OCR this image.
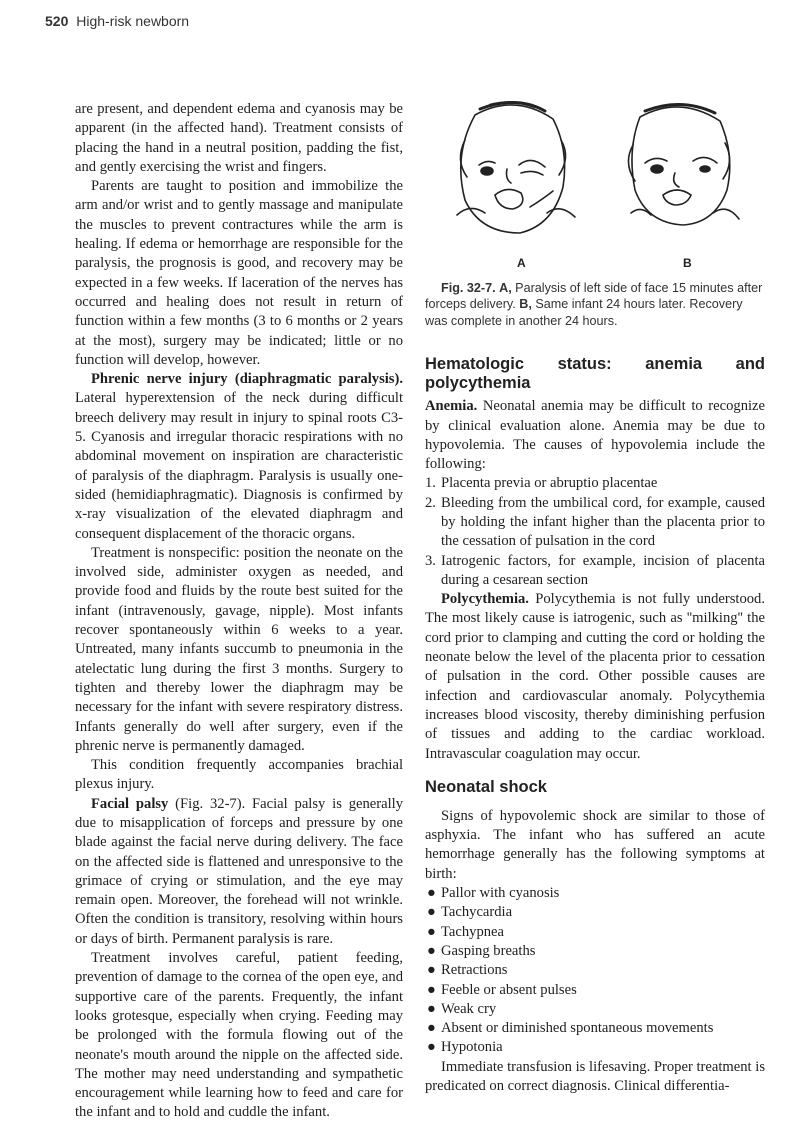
520 High-risk newborn

are present, and dependent edema and cyanosis may be apparent (in the affected hand). Treatment consists of placing the hand in a neutral position, padding the fist, and gently exercising the wrist and fingers.

Parents are taught to position and immobilize the arm and/or wrist and to gently massage and manipulate the muscles to prevent contractures while the arm is healing. If edema or hemorrhage are responsible for the paralysis, the prognosis is good, and recovery may be expected in a few weeks. If laceration of the nerves has occurred and healing does not result in return of function within a few months (3 to 6 months or 2 years at the most), surgery may be indicated; little or no function will develop, however.

Phrenic nerve injury (diaphragmatic paralysis). Lateral hyperextension of the neck during difficult breech delivery may result in injury to spinal roots C3-5. Cyanosis and irregular thoracic respirations with no abdominal movement on inspiration are characteristic of paralysis of the diaphragm. Paralysis is usually one-sided (hemidiaphragmatic). Diagnosis is confirmed by x-ray visualization of the elevated diaphragm and consequent displacement of the thoracic organs.

Treatment is nonspecific: position the neonate on the involved side, administer oxygen as needed, and provide food and fluids by the route best suited for the infant (intravenously, gavage, nipple). Most infants recover spontaneously within 6 weeks to a year. Untreated, many infants succumb to pneumonia in the atelectatic lung during the first 3 months. Surgery to tighten and thereby lower the diaphragm may be necessary for the infant with severe respiratory distress. Infants generally do well after surgery, even if the phrenic nerve is permanently damaged.

This condition frequently accompanies brachial plexus injury.

Facial palsy (Fig. 32-7). Facial palsy is generally due to misapplication of forceps and pressure by one blade against the facial nerve during delivery. The face on the affected side is flattened and unresponsive to the grimace of crying or stimulation, and the eye may remain open. Moreover, the forehead will not wrinkle. Often the condition is transitory, resolving within hours or days of birth. Permanent paralysis is rare.

Treatment involves careful, patient feeding, prevention of damage to the cornea of the open eye, and supportive care of the parents. Frequently, the infant looks grotesque, especially when crying. Feeding may be prolonged with the formula flowing out of the neonate's mouth around the nipple on the affected side. The mother may need understanding and sympathetic encouragement while learning how to feed and care for the infant and to hold and cuddle the infant.

A	B

Fig. 32-7. A, Paralysis of left side of face 15 minutes after forceps delivery. B, Same infant 24 hours later. Recovery was complete in another 24 hours.

Hematologic status: anemia and polycythemia

Anemia. Neonatal anemia may be difficult to recognize by clinical evaluation alone. Anemia may be due to hypovolemia. The causes of hypovolemia include the following:

1. Placenta previa or abruptio placentae
2. Bleeding from the umbilical cord, for example, caused by holding the infant higher than the placenta prior to the cessation of pulsation in the cord
3. Iatrogenic factors, for example, incision of placenta during a cesarean section

Polycythemia. Polycythemia is not fully understood. The most likely cause is iatrogenic, such as ''milking'' the cord prior to clamping and cutting the cord or holding the neonate below the level of the placenta prior to cessation of pulsation in the cord. Other possible causes are infection and cardiovascular anomaly. Polycythemia increases blood viscosity, thereby diminishing perfusion of tissues and adding to the cardiac workload. Intravascular coagulation may occur.

Neonatal shock

Signs of hypovolemic shock are similar to those of asphyxia. The infant who has suffered an acute hemorrhage generally has the following symptoms at birth:

● Pallor with cyanosis
● Tachycardia
● Tachypnea
● Gasping breaths
● Retractions
● Feeble or absent pulses
● Weak cry
● Absent or diminished spontaneous movements
● Hypotonia

Immediate transfusion is lifesaving. Proper treatment is predicated on correct diagnosis. Clinical differentia-
